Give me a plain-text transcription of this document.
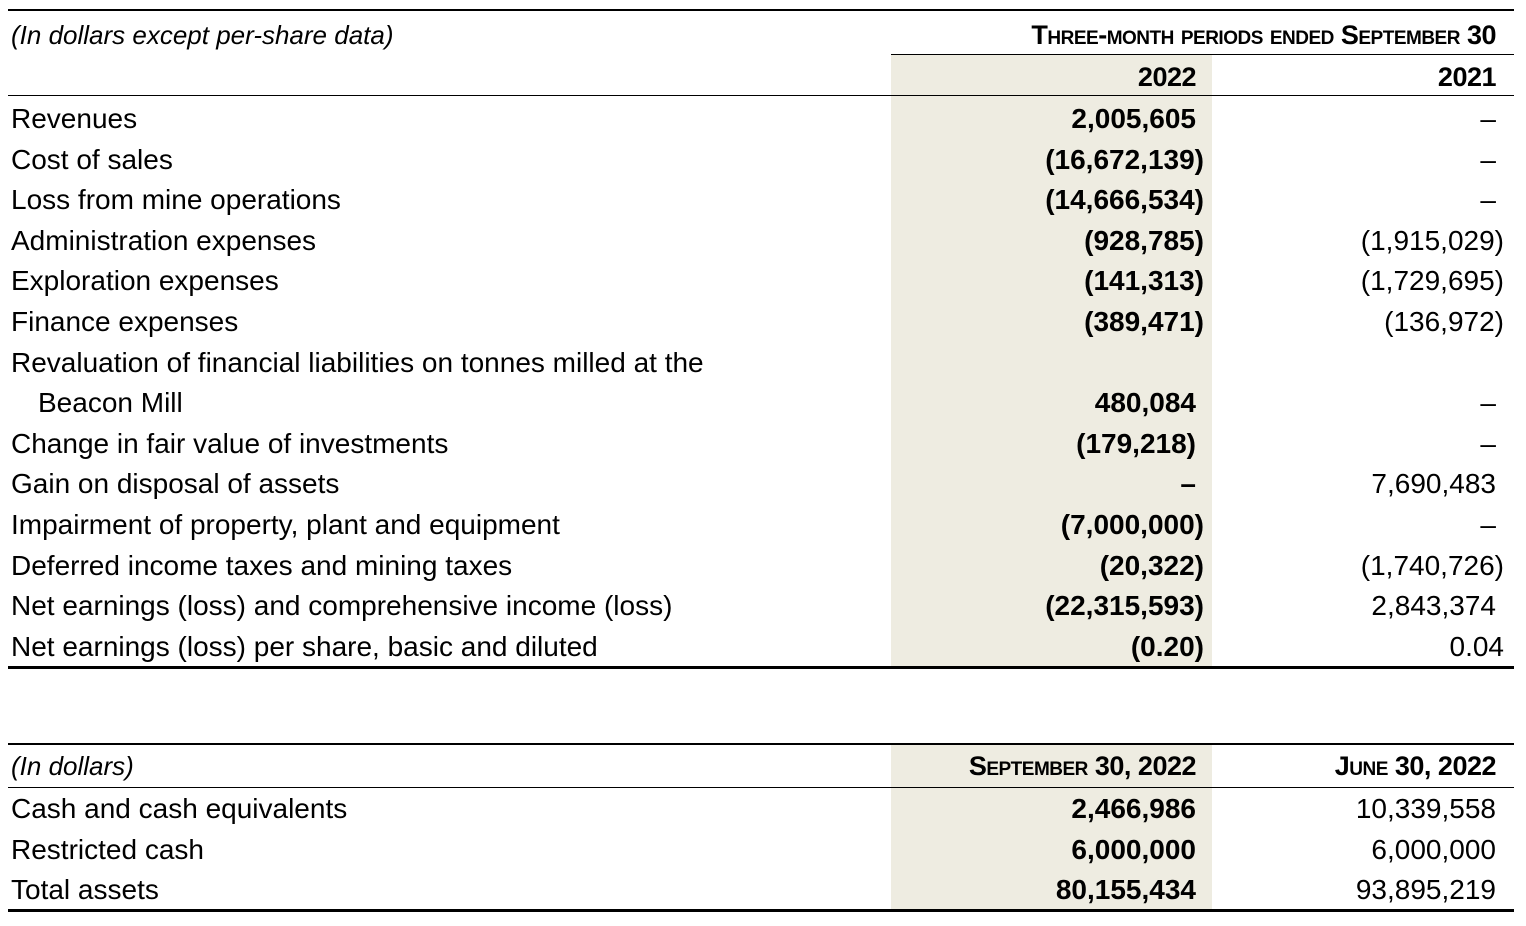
(In dollars except per-share data)	Three-month periods ended September 30
2022	2021
Revenues	2,005,605	–
Cost of sales	(16,672,139)	–
Loss from mine operations	(14,666,534)	–
Administration expenses	(928,785)	(1,915,029)
Exploration expenses	(141,313)	(1,729,695)
Finance expenses	(389,471)	(136,972)
Revaluation of financial liabilities on tonnes milled at the
Beacon Mill	480,084	–
Change in fair value of investments	(179,218)	–
Gain on disposal of assets	–	7,690,483
Impairment of property, plant and equipment	(7,000,000)	–
Deferred income taxes and mining taxes	(20,322)	(1,740,726)
Net earnings (loss) and comprehensive income (loss)	(22,315,593)	2,843,374
Net earnings (loss) per share, basic and diluted	(0.20)	0.04
(In dollars)	September 30, 2022	June 30, 2022
Cash and cash equivalents	2,466,986	10,339,558
Restricted cash	6,000,000	6,000,000
Total assets	80,155,434	93,895,219
